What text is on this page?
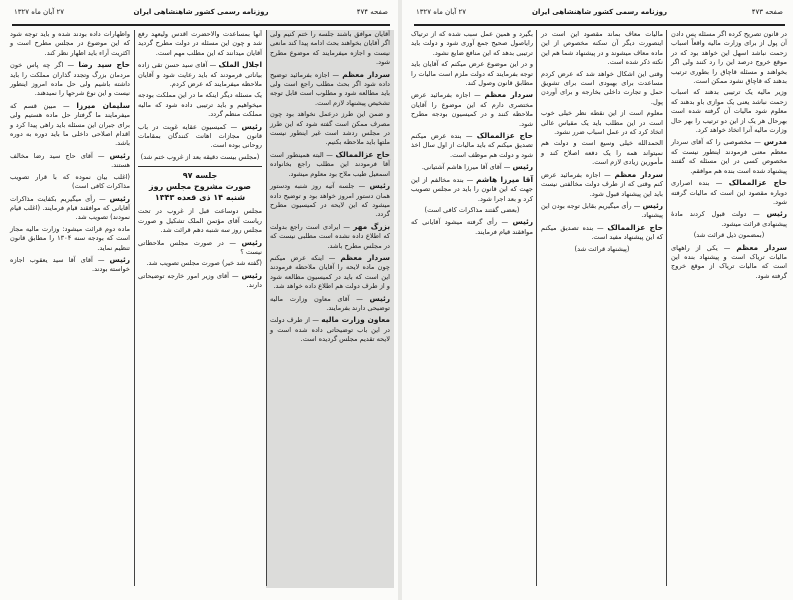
صفحه ۴۷۴
روزنامه رسمی کشور شاهنشاهی ایران
۲۷ آبان ماه ۱۳۲۷

واظهارات داده بودند شده و باید توجه شود که این موضوع در مجلس مطرح است و اکثریت آراء باید اظهار نظر کند.

حاج سید رضا — اگر چه پاس خون مردمان بزرگ وتجدد گذاران مملکت را باید داشته باشیم ولی حل ماده امروز اینطور نیست و این نوع شرحها را نمیدهند.

سلیمان میرزا — مبین قسم که میفرمایند ما گرفتار حل ماده هستیم ولی برای جبران این مسئله باید راهی پیدا کرد و اقدام اصلاحی داخلی ما باید دوره به دوره باشد.

رئیس — آقای حاج سید رضا مخالف هستند.

(اغلب بیان نموده که با قرار تصویب مذاکرات کافی است)

رئیس — رأی میگیریم بکفایت مذاکرات آقایانی که موافقند قیام فرمایند. (اغلب قیام نمودند) تصویب شد.

ماده دوم قرائت میشود: وزارت مالیه مجاز است که بودجه سنه ۱۳۰۴ را مطابق قانون تنظیم نماید.

رئیس — آقای آقا سید یعقوب اجازه خواسته بودند.

آنها بمساعدت والاحضرت اقدس ولیعهد رفع شد و چون این مسئله در دولت مطرح گردید آقایان میدانند که این مطلب مهم است.

اجلال الملک — آقای سید حسن تقی زاده بیاناتی فرمودند که باید رعایت شود و آقایان ملاحظه میفرمایند که عرض کردم.

یک مسئله دیگر اینکه ما در این مملکت بودجه میخواهیم و باید ترتیبی داده شود که مالیه مملکت منظم گردد.

رئیس — کمیسیون عقایه غوبت در باب قانون مجازات اهانت کنندگان بمقامات روحانی بوده است.

(مجلس بیست دقیقه بعد از غروب ختم شد)

جلسه ۹۷
صورت مشروح مجلس روز شنبه ۱۴ ذی قعده ۱۳۴۳

مجلس دوساعت قبل از غروب در تحت ریاست آقای مؤتمن الملک تشکیل و صورت مجلس روز سه شنبه دهم قرائت شد.

رئیس — در صورت مجلس ملاحظاتی نیست ؟

(گفته شد خیر) صورت مجلس تصویب شد.

رئیس — آقای وزیر امور خارجه توضیحاتی دارند.

آقایان موافق باشند جلسه را ختم کنیم ولی اگر آقایان بخواهند بحث ادامه پیدا کند مانعی نیست و اجازه میفرمایند که موضوع مطرح شود.

سردار معظم — اجازه بفرمائید توضیح داده شود اگر بحث مطلب راجع است ولی باید مطالعه شود و مطلوب است قابل توجه تشخیص پیشنهاد لازم است.

و ضمن این طرز درعمل نخواهد بود چون مصرف ممکن است گفته شود که این طرز در مجلس ردشد است غیر اینطور نیست ملتها باید ملاحظه بکنیم.

حاج عزالممالک — البته همینطور است آقا فرمودند این مطلب راجع بخانواده اسمعیل طیب ملاح بود معلوم میشود.

رئیس — جلسه آتیه روز شنبه ودستور همان دستور امروز خواهد بود و توضیح داده میشود که این لایحه در کمیسیون مطرح گردد.

بزرگ مهر — ایرادی است راجع بدولت که اطلاع داده نشده است مطلبی نیست که در مجلس مطرح باشد.

سردار معظم — اینکه عرض میکنم چون ماده لایحه را آقایان ملاحظه فرمودند این است که باید در کمیسیون مطالعه شود و از طرف دولت هم اطلاع داده خواهد شد.

رئیس — آقای معاون وزارت مالیه توضیحی دارند بفرمایند.

معاون وزارت مالیه — از طرف دولت در این باب توضیحاتی داده شده است و لایحه تقدیم مجلس گردیده است.

صفحه ۴۷۳
روزنامه رسمی کشور شاهنشاهی ایران
۲۷ آبان ماه ۱۳۲۷

بگیرد و همین عمل سبب شده که از ترتیاک رایاصول صحیح جمع آوری شود و دولت باید ترتیبی بدهد که این منافع ضایع نشود.

و در این موضوع عرض میکنم که آقایان باید توجه بفرمایند که دولت ملزم است مالیات را مطابق قانون وصول کند.

سردار معظم — اجازه بفرمائید عرض مختصری دارم که این موضوع را آقایان ملاحظه کنند و در کمیسیون بودجه مطرح شود.

حاج عزالممالک — بنده عرض میکنم تصدیق میکنم که باید مالیات از اول سال اخذ شود و دولت هم موظف است.

رئیس — آقای آقا میرزا هاشم آشتیانی.

آقا میرزا هاشم — بنده مخالفم از این جهت که این قانون را باید در مجلس تصویب کرد و بعد اجرا شود.

(بعضی گفتند مذاکرات کافی است)

رئیس — رأی گرفته میشود آقایانی که موافقند قیام فرمایند.

مالیات معاف بماند مقصود این است در اینصورت دیگر آن سکنه مخصوص از این ماده معاف میشوند و در پیشنهاد شما هم این نکته ذکر شده است.

وقتی این اشکال خواهد شد که عرض کردم مساعدت برای بهبودی است برای تشویق حمل و تجارت داخلی بخارجه و برای آوردن پول.

معلوم است از این نقطه نظر خیلی خوب است در این مطلب باید یک مقیاس عالی اتخاذ کرد که در عمل اسباب ضرر نشود.

الحمدالله خیلی وسیع است و دولت هم نمیتواند همه را یک دفعه اصلاح کند و مأمورین زیادی لازم است.

سردار معظم — اجازه بفرمائید عرض کنم وقتی که از طرف دولت مخالفتی نیست باید این پیشنهاد قبول شود.

رئیس — رأی میگیریم بقابل توجه بودن این پیشنهاد.

حاج عزالممالک — بنده تصدیق میکنم که این پیشنهاد مفید است.

(پیشنهاد قرائت شد)

در قانون تصریح کرده اگر مسئله پس دادن آن پول از برای وزارت مالیه واقعاً اسباب زحمت نباشد اسهل این خواهد بود که در موقع خروج درصد این را رد کنند ولی اگر بخواهند و مسئله قاچاق را بطوری ترتیب بدهند که قاچاق نشود ممکن است.

وزیر مالیه یک ترتیبی بدهند که اسباب زحمت نباشد یعنی یک موازی باو بدهند که معلوم شود مالیات آن گرفته شده است بهرحال هر یک از این دو ترتیب را بهر حال وزارت مالیه آنرا اتخاذ خواهد کرد.

مدرس — مخصوصی را که آقای سردار معظم معنی فرمودند اینطور نیست که مخصوص کسی در این مسئله که گفتند پیشنهاد شده است بنده هم موافقم.

حاج عزالممالک — بنده اصراری دوباره مقصود این است که مالیات گرفته شود.

رئیس — دولت قبول کردند مادهٔ پیشنهادی قرائت میشود.

(بمضمون ذیل قرائت شد)

سردار معظم — یکی از راههای مالیات تریاک است و پیشنهاد بنده این است که مالیات تریاک از موقع خروج گرفته شود.
